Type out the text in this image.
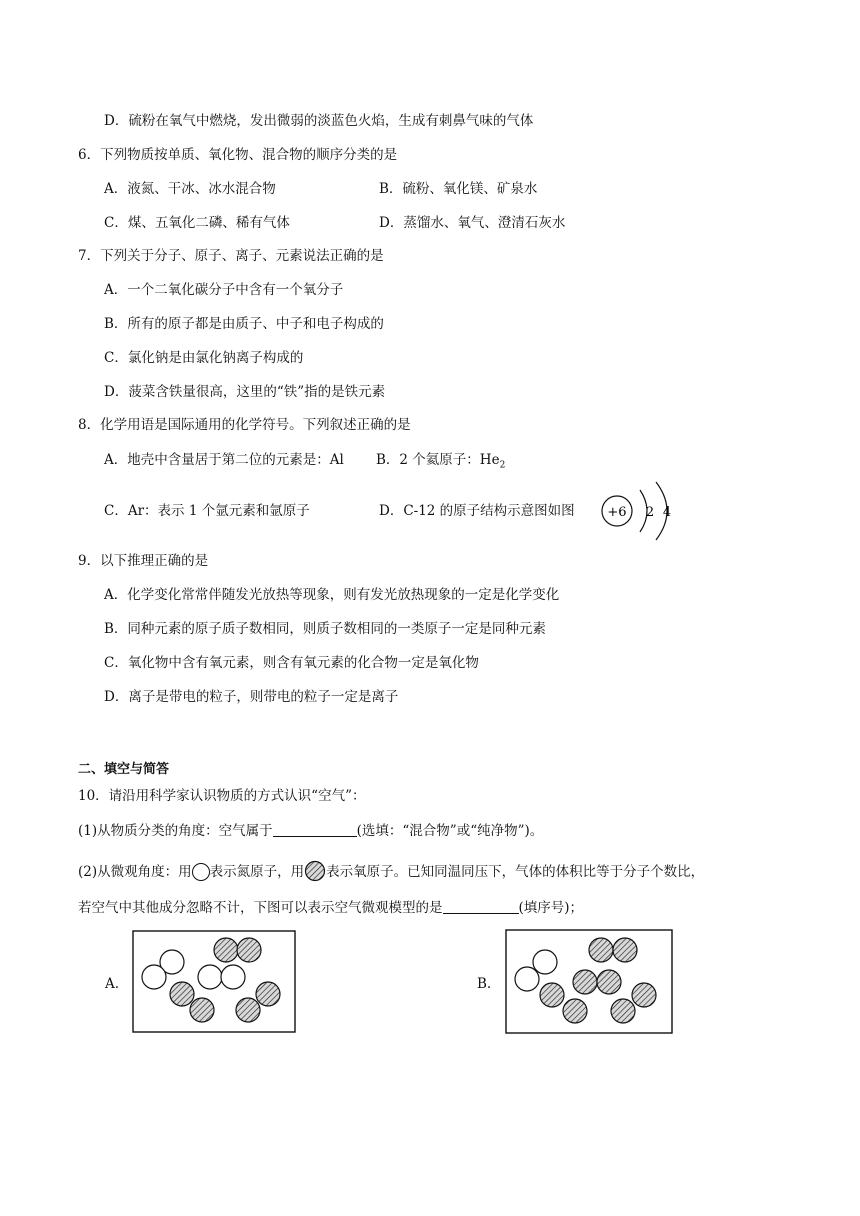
D．硫粉在氧气中燃烧，发出微弱的淡蓝色火焰，生成有刺鼻气味的气体
6．下列物质按单质、氧化物、混合物的顺序分类的是
A．液氮、干冰、冰水混合物	B．硫粉、氧化镁、矿泉水
C．煤、五氧化二磷、稀有气体	D．蒸馏水、氧气、澄清石灰水
7．下列关于分子、原子、离子、元素说法正确的是
A．一个二氧化碳分子中含有一个氧分子
B．所有的原子都是由质子、中子和电子构成的
C．氯化钠是由氯化钠离子构成的
D．菠菜含铁量很高，这里的“铁”指的是铁元素
8．化学用语是国际通用的化学符号。下列叙述正确的是
A．地壳中含量居于第二位的元素是：Al B．2 个氦原子：$He_2$
C．Ar：表示 1 个氩元素和氩原子	D．C-12 的原子结构示意图如图	+6 2 4
9．以下推理正确的是
A．化学变化常常伴随发光放热等现象，则有发光放热现象的一定是化学变化
B．同种元素的原子质子数相同，则质子数相同的一类原子一定是同种元素
C．氧化物中含有氧元素，则含有氧元素的化合物一定是氧化物
D．离子是带电的粒子，则带电的粒子一定是离子
二、填空与简答
10．请沿用科学家认识物质的方式认识“空气”：
(1)从物质分类的角度：空气属于	(选填：“混合物”或“纯净物”)。
(2)从微观角度：用 表示氮原子，用 表示氧原子。已知同温同压下，气体的体积比等于分子个数比，
若空气中其他成分忽略不计，下图可以表示空气微观模型的是	(填序号)；
A.	B.
